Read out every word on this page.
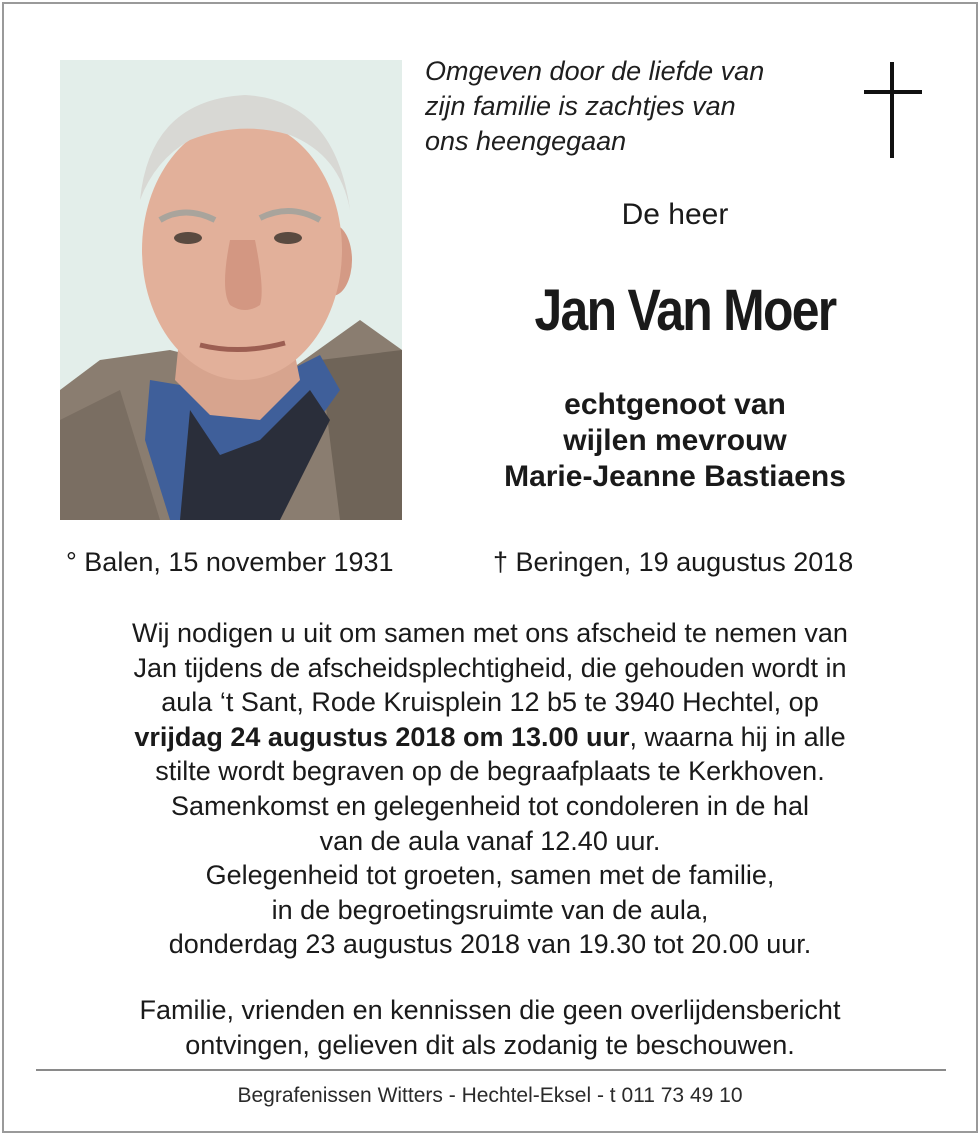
Omgeven door de liefde van
zijn familie is zachtjes van
ons heengegaan
De heer
Jan Van Moer
echtgenoot van
wijlen mevrouw
Marie-Jeanne Bastiaens
° Balen, 15 november 1931	† Beringen, 19 augustus 2018
Wij nodigen u uit om samen met ons afscheid te nemen van
Jan tijdens de afscheidsplechtigheid, die gehouden wordt in
aula ‘t Sant, Rode Kruisplein 12 b5 te 3940 Hechtel, op
vrijdag 24 augustus 2018 om 13.00 uur, waarna hij in alle
stilte wordt begraven op de begraafplaats te Kerkhoven.
Samenkomst en gelegenheid tot condoleren in de hal
van de aula vanaf 12.40 uur.
Gelegenheid tot groeten, samen met de familie,
in de begroetingsruimte van de aula,
donderdag 23 augustus 2018 van 19.30 tot 20.00 uur.
Familie, vrienden en kennissen die geen overlijdensbericht
ontvingen, gelieven dit als zodanig te beschouwen.
Begrafenissen Witters - Hechtel-Eksel - t 011 73 49 10
